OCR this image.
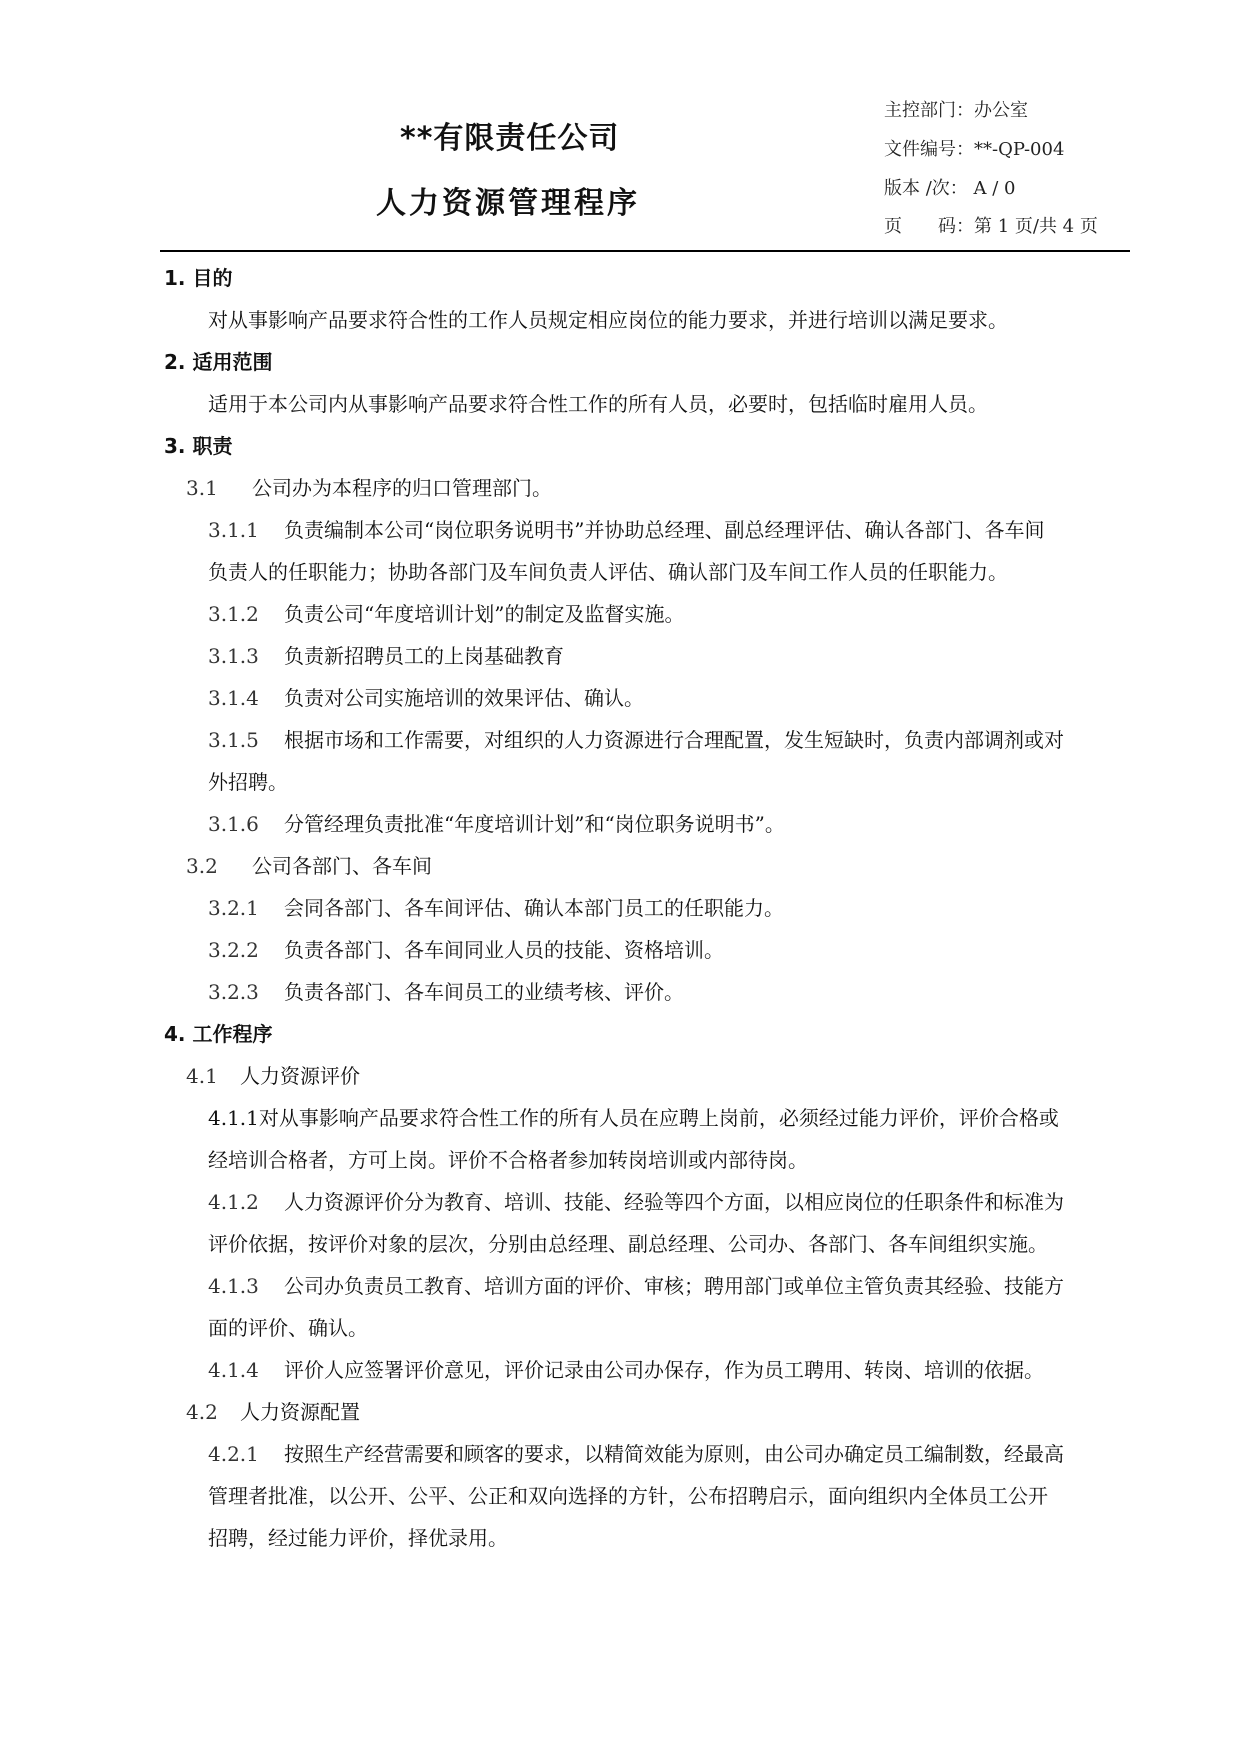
**有限责任公司
人力资源管理程序
主控部门：办公室
文件编号：**-QP-004
版本 /次： A / 0
页　　码：第 1 页/共 4 页
1. 目的
对从事影响产品要求符合性的工作人员规定相应岗位的能力要求，并进行培训以满足要求。
2. 适用范围
适用于本公司内从事影响产品要求符合性工作的所有人员，必要时，包括临时雇用人员。
3. 职责
3.1 公司办为本程序的归口管理部门。
3.1.1 负责编制本公司“岗位职务说明书”并协助总经理、副总经理评估、确认各部门、各车间
负责人的任职能力；协助各部门及车间负责人评估、确认部门及车间工作人员的任职能力。
3.1.2 负责公司“年度培训计划”的制定及监督实施。
3.1.3 负责新招聘员工的上岗基础教育
3.1.4 负责对公司实施培训的效果评估、确认。
3.1.5 根据市场和工作需要，对组织的人力资源进行合理配置，发生短缺时，负责内部调剂或对
外招聘。
3.1.6 分管经理负责批准“年度培训计划”和“岗位职务说明书”。
3.2 公司各部门、各车间
3.2.1 会同各部门、各车间评估、确认本部门员工的任职能力。
3.2.2 负责各部门、各车间同业人员的技能、资格培训。
3.2.3 负责各部门、各车间员工的业绩考核、评价。
4. 工作程序
4.1 人力资源评价
4.1.1对从事影响产品要求符合性工作的所有人员在应聘上岗前，必须经过能力评价，评价合格或
经培训合格者，方可上岗。评价不合格者参加转岗培训或内部待岗。
4.1.2 人力资源评价分为教育、培训、技能、经验等四个方面，以相应岗位的任职条件和标准为
评价依据，按评价对象的层次，分别由总经理、副总经理、公司办、各部门、各车间组织实施。
4.1.3 公司办负责员工教育、培训方面的评价、审核；聘用部门或单位主管负责其经验、技能方
面的评价、确认。
4.1.4 评价人应签署评价意见，评价记录由公司办保存，作为员工聘用、转岗、培训的依据。
4.2 人力资源配置
4.2.1 按照生产经营需要和顾客的要求，以精简效能为原则，由公司办确定员工编制数，经最高
管理者批准，以公开、公平、公正和双向选择的方针，公布招聘启示，面向组织内全体员工公开
招聘，经过能力评价，择优录用。
